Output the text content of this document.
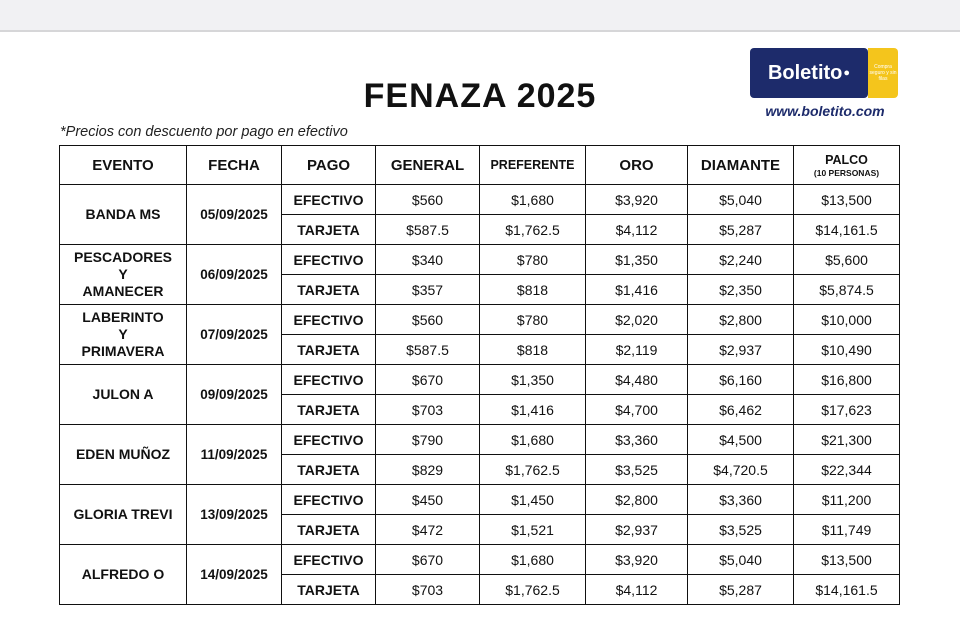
FENAZA 2025
Boletito ●	Compra seguro y sin filas
www.boletito.com
*Precios con descuento por pago en efectivo
EVENTO	FECHA	PAGO	GENERAL	PREFERENTE	ORO	DIAMANTE	PALCO
(10 PERSONAS)

BANDA MS	05/09/2025	EFECTIVO	$560	$1,680	$3,920	$5,040	$13,500
		TARJETA	$587.5	$1,762.5	$4,112	$5,287	$14,161.5
PESCADORES
Y
AMANECER	06/09/2025	EFECTIVO	$340	$780	$1,350	$2,240	$5,600
		TARJETA	$357	$818	$1,416	$2,350	$5,874.5
LABERINTO
Y
PRIMAVERA	07/09/2025	EFECTIVO	$560	$780	$2,020	$2,800	$10,000
		TARJETA	$587.5	$818	$2,119	$2,937	$10,490
JULON A	09/09/2025	EFECTIVO	$670	$1,350	$4,480	$6,160	$16,800
		TARJETA	$703	$1,416	$4,700	$6,462	$17,623
EDEN MUÑOZ	11/09/2025	EFECTIVO	$790	$1,680	$3,360	$4,500	$21,300
		TARJETA	$829	$1,762.5	$3,525	$4,720.5	$22,344
GLORIA TREVI	13/09/2025	EFECTIVO	$450	$1,450	$2,800	$3,360	$11,200
		TARJETA	$472	$1,521	$2,937	$3,525	$11,749
ALFREDO O	14/09/2025	EFECTIVO	$670	$1,680	$3,920	$5,040	$13,500
		TARJETA	$703	$1,762.5	$4,112	$5,287	$14,161.5
